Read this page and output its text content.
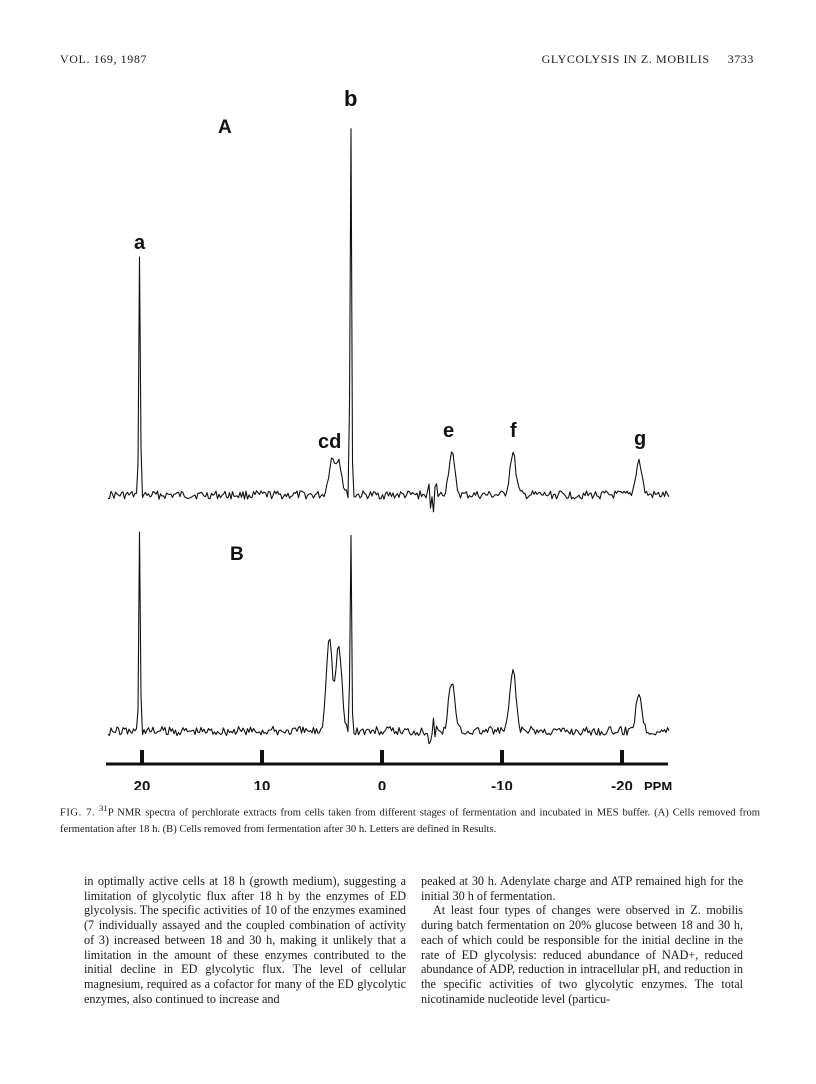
VOL. 169, 1987	GLYCOLYSIS IN Z. MOBILIS 3733
A
B
a
b
cd	e	f	g
20	10	0	-10	-20 PPM
FIG. 7. $^{31}$P NMR spectra of perchlorate extracts from cells taken from different stages of fermentation and incubated in MES buffer. (A) Cells removed from fermentation after 18 h. (B) Cells removed from fermentation after 30 h. Letters are defined in Results.

in optimally active cells at 18 h (growth medium), suggesting a limitation of glycolytic flux after 18 h by the enzymes of ED glycolysis. The specific activities of 10 of the enzymes examined (7 individually assayed and the coupled combination of activity of 3) increased between 18 and 30 h, making it unlikely that a limitation in the amount of these enzymes contributed to the initial decline in ED glycolytic flux. The level of cellular magnesium, required as a cofactor for many of the ED glycolytic enzymes, also continued to increase and

peaked at 30 h. Adenylate charge and ATP remained high for the initial 30 h of fermentation.

At least four types of changes were observed in Z. mobilis during batch fermentation on 20% glucose between 18 and 30 h, each of which could be responsible for the initial decline in the rate of ED glycolysis: reduced abundance of NAD+, reduced abundance of ADP, reduction in intracellular pH, and reduction in the specific activities of two glycolytic enzymes. The total nicotinamide nucleotide level (particu-
